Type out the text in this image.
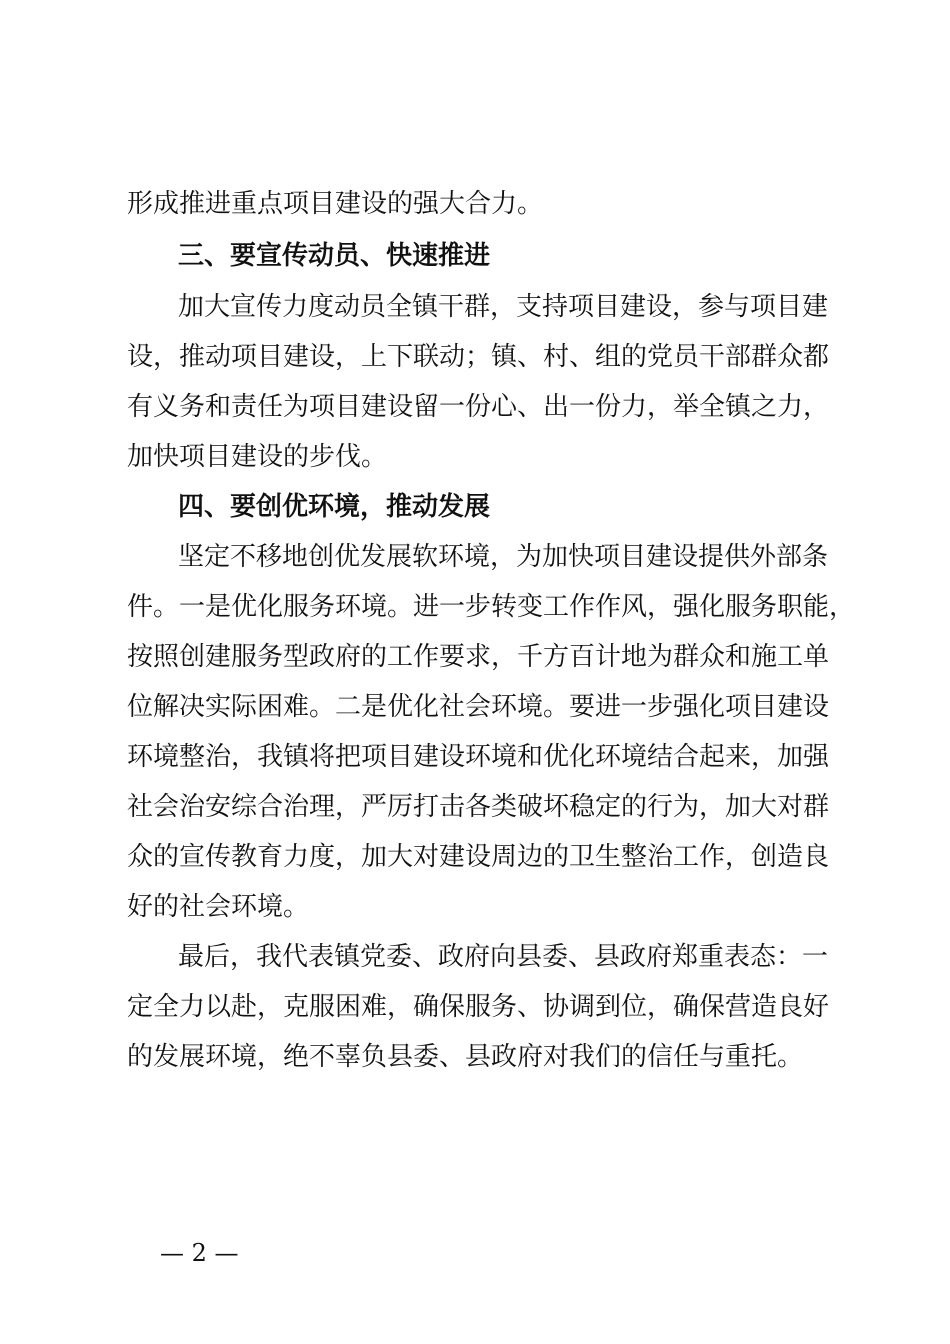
形成推进重点项目建设的强大合力。
三、要宣传动员、快速推进
加大宣传力度动员全镇干群，支持项目建设，参与项目建
设，推动项目建设，上下联动；镇、村、组的党员干部群众都
有义务和责任为项目建设留一份心、出一份力，举全镇之力，
加快项目建设的步伐。
四、要创优环境，推动发展
坚定不移地创优发展软环境，为加快项目建设提供外部条
件。一是优化服务环境。进一步转变工作作风，强化服务职能，
按照创建服务型政府的工作要求，千方百计地为群众和施工单
位解决实际困难。二是优化社会环境。要进一步强化项目建设
环境整治，我镇将把项目建设环境和优化环境结合起来，加强
社会治安综合治理，严厉打击各类破坏稳定的行为，加大对群
众的宣传教育力度，加大对建设周边的卫生整治工作，创造良
好的社会环境。
最后，我代表镇党委、政府向县委、县政府郑重表态：一
定全力以赴，克服困难，确保服务、协调到位，确保营造良好
的发展环境，绝不辜负县委、县政府对我们的信任与重托。
— 2 —
